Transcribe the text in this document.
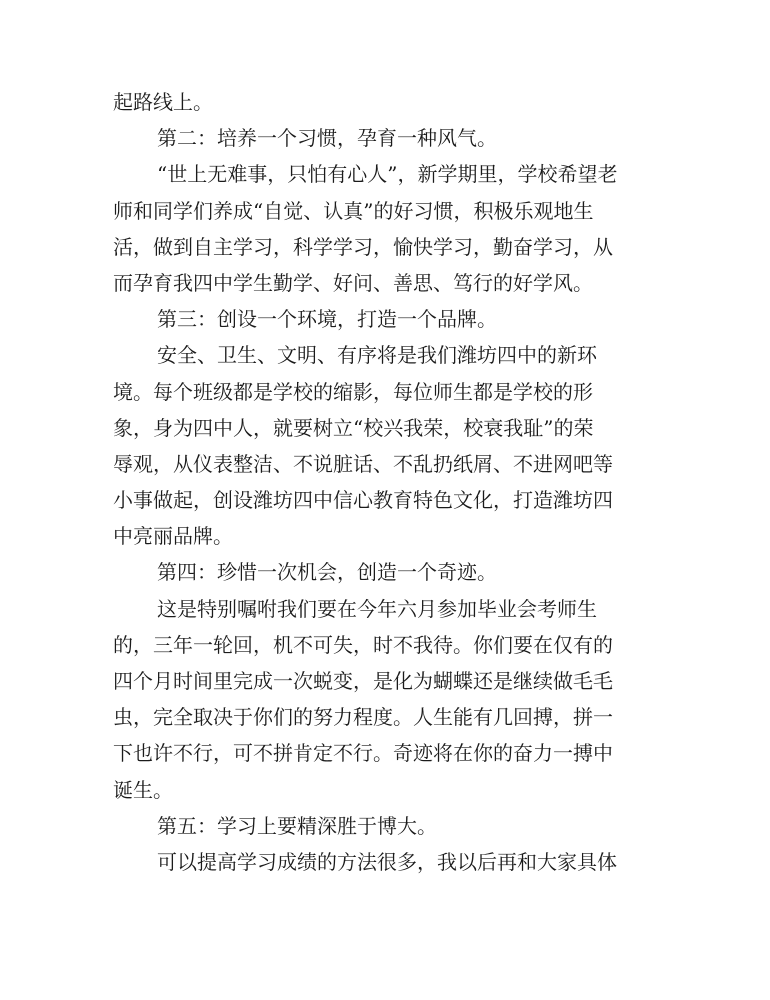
起路线上。
第二：培养一个习惯，孕育一种风气。
“世上无难事，只怕有心人”，新学期里，学校希望老
师和同学们养成“自觉、认真”的好习惯，积极乐观地生
活，做到自主学习，科学学习，愉快学习，勤奋学习，从
而孕育我四中学生勤学、好问、善思、笃行的好学风。
第三：创设一个环境，打造一个品牌。
安全、卫生、文明、有序将是我们潍坊四中的新环
境。每个班级都是学校的缩影，每位师生都是学校的形
象，身为四中人，就要树立“校兴我荣，校衰我耻”的荣
辱观，从仪表整洁、不说脏话、不乱扔纸屑、不进网吧等
小事做起，创设潍坊四中信心教育特色文化，打造潍坊四
中亮丽品牌。
第四：珍惜一次机会，创造一个奇迹。
这是特别嘱咐我们要在今年六月参加毕业会考师生
的，三年一轮回，机不可失，时不我待。你们要在仅有的
四个月时间里完成一次蜕变，是化为蝴蝶还是继续做毛毛
虫，完全取决于你们的努力程度。人生能有几回搏，拼一
下也许不行，可不拼肯定不行。奇迹将在你的奋力一搏中
诞生。
第五：学习上要精深胜于博大。
可以提高学习成绩的方法很多，我以后再和大家具体
